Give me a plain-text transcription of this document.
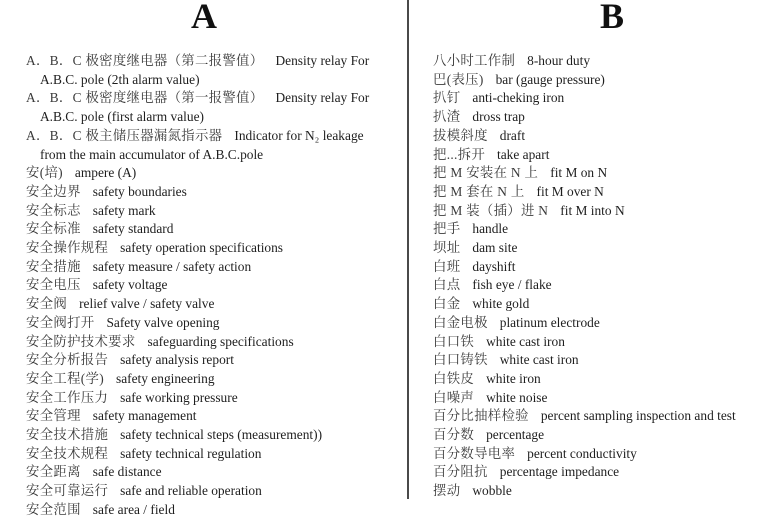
A
A．B．C 极密度继电器（第二报警值） Density relay For
A.B.C. pole (2th alarm value)
A．B．C 极密度继电器（第一报警值） Density relay For
A.B.C. pole (first alarm value)
A．B．C 极主储压器漏氮指示器 Indicator for N₂ leakage
from the main accumulator of A.B.C.pole
安(培) ampere (A)
安全边界 safety boundaries
安全标志 safety mark
安全标准 safety standard
安全操作规程 safety operation specifications
安全措施 safety measure / safety action
安全电压 safety voltage
安全阀 relief valve / safety valve
安全阀打开 Safety valve opening
安全防护技术要求 safeguarding specifications
安全分析报告 safety analysis report
安全工程(学) safety engineering
安全工作压力 safe working pressure
安全管理 safety management
安全技术措施 safety technical steps (measurement))
安全技术规程 safety technical regulation
安全距离 safe distance
安全可靠运行 safe and reliable operation
安全范围 safe area / field
B
八小时工作制 8-hour duty
巴(表压) bar (gauge pressure)
扒钉 anti-cheking iron
扒渣 dross trap
拔模斜度 draft
把...拆开 take apart
把 M 安装在 N 上 fit M on N
把 M 套在 N 上 fit M over N
把 M 装（插）进 N fit M into N
把手 handle
坝址 dam site
白班 dayshift
白点 fish eye / flake
白金 white gold
白金电极 platinum electrode
白口铁 white cast iron
白口铸铁 white cast iron
白铁皮 white iron
白噪声 white noise
百分比抽样检验 percent sampling inspection and test
百分数 percentage
百分数导电率 percent conductivity
百分阻抗 percentage impedance
摆动 wobble
